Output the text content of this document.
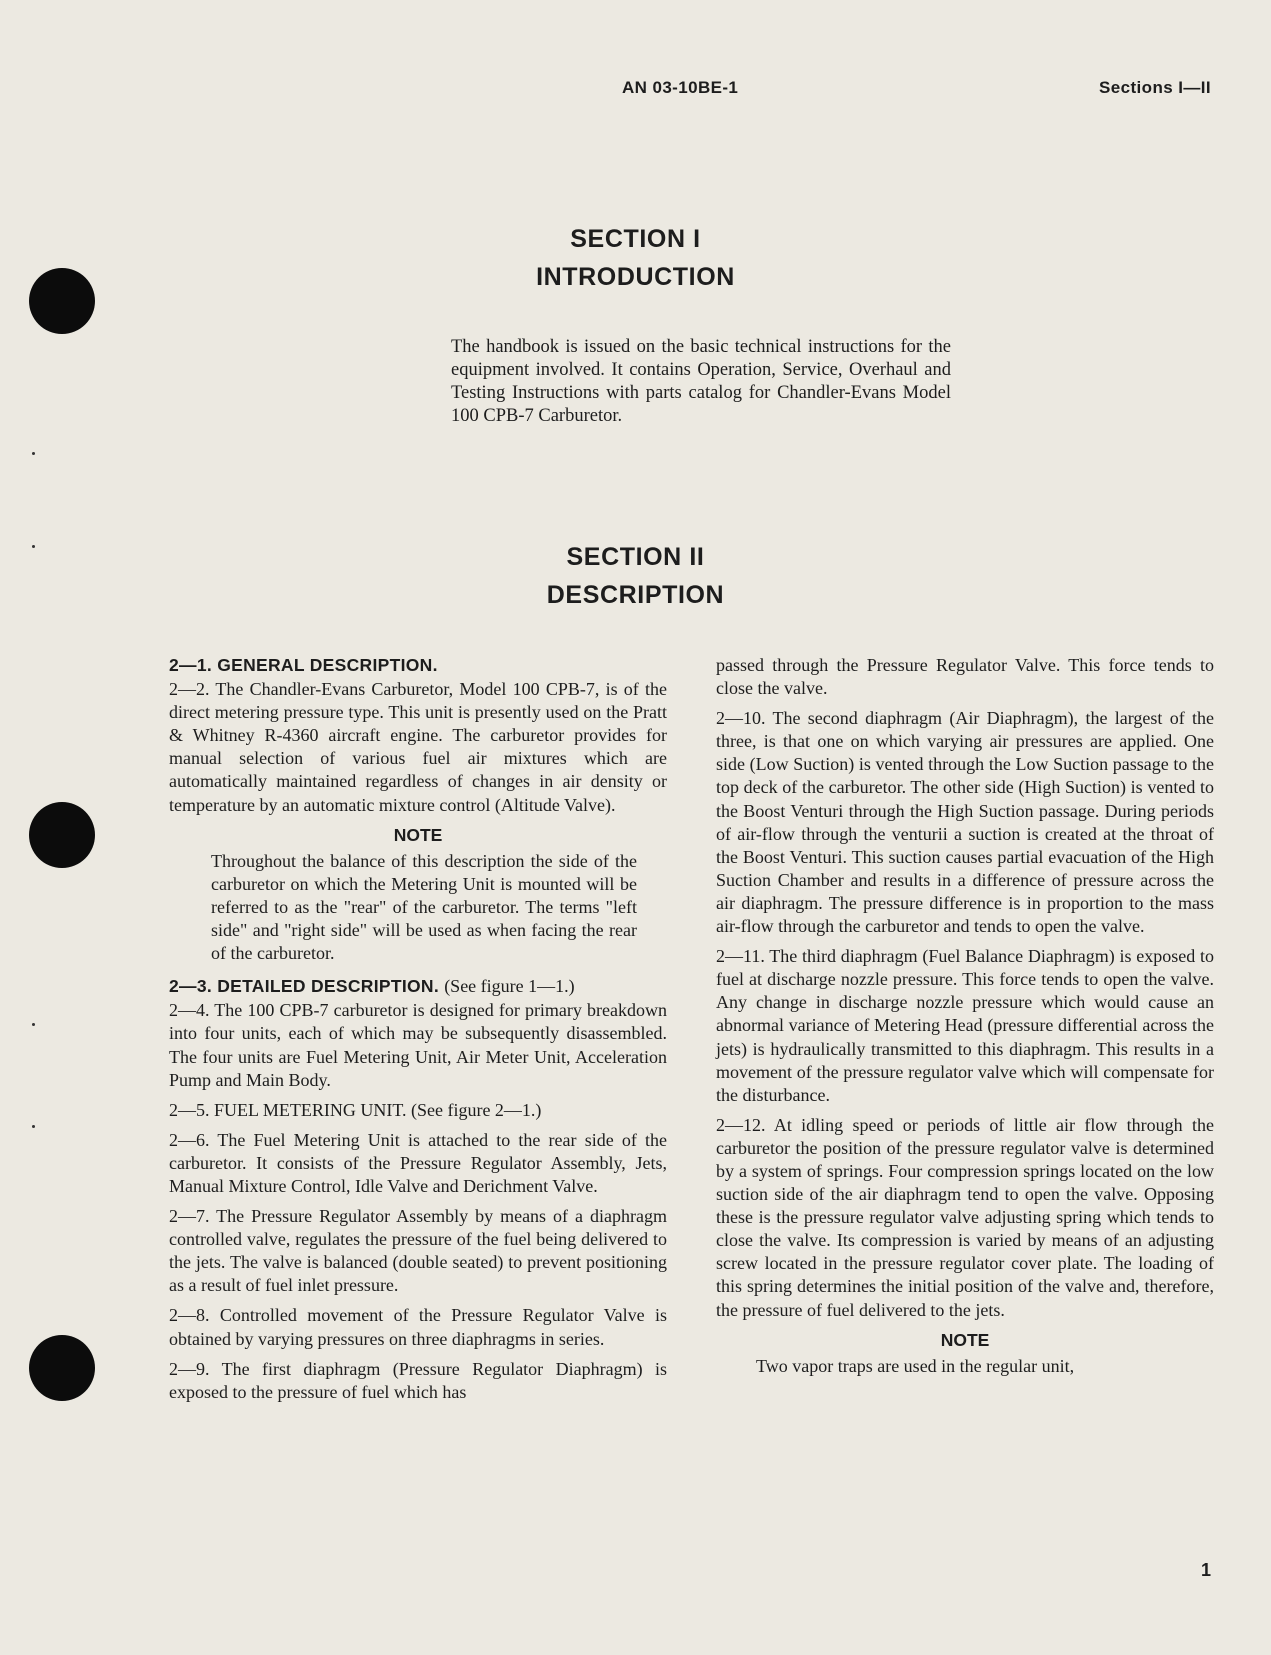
AN 03-10BE-1	Sections I—II
SECTION I
INTRODUCTION

The handbook is issued on the basic technical instructions for the equipment involved. It contains Operation, Service, Overhaul and Testing Instructions with parts catalog for Chandler-Evans Model 100 CPB-7 Carburetor.

SECTION II
DESCRIPTION
2—1. GENERAL DESCRIPTION.

2—2. The Chandler-Evans Carburetor, Model 100 CPB-7, is of the direct metering pressure type. This unit is presently used on the Pratt & Whitney R-4360 aircraft engine. The carburetor provides for manual selection of various fuel air mixtures which are automatically maintained regardless of changes in air density or temperature by an automatic mixture control (Altitude Valve).

NOTE

Throughout the balance of this description the side of the carburetor on which the Metering Unit is mounted will be referred to as the "rear" of the carburetor. The terms "left side" and "right side" will be used as when facing the rear of the carburetor.

2—3. DETAILED DESCRIPTION. (See figure 1—1.)

2—4. The 100 CPB-7 carburetor is designed for primary breakdown into four units, each of which may be subsequently disassembled. The four units are Fuel Metering Unit, Air Meter Unit, Acceleration Pump and Main Body.

2—5. FUEL METERING UNIT. (See figure 2—1.)

2—6. The Fuel Metering Unit is attached to the rear side of the carburetor. It consists of the Pressure Regulator Assembly, Jets, Manual Mixture Control, Idle Valve and Derichment Valve.

2—7. The Pressure Regulator Assembly by means of a diaphragm controlled valve, regulates the pressure of the fuel being delivered to the jets. The valve is balanced (double seated) to prevent positioning as a result of fuel inlet pressure.

2—8. Controlled movement of the Pressure Regulator Valve is obtained by varying pressures on three diaphragms in series.

2—9. The first diaphragm (Pressure Regulator Diaphragm) is exposed to the pressure of fuel which has

passed through the Pressure Regulator Valve. This force tends to close the valve.

2—10. The second diaphragm (Air Diaphragm), the largest of the three, is that one on which varying air pressures are applied. One side (Low Suction) is vented through the Low Suction passage to the top deck of the carburetor. The other side (High Suction) is vented to the Boost Venturi through the High Suction passage. During periods of air-flow through the venturii a suction is created at the throat of the Boost Venturi. This suction causes partial evacuation of the High Suction Chamber and results in a difference of pressure across the air diaphragm. The pressure difference is in proportion to the mass air-flow through the carburetor and tends to open the valve.

2—11. The third diaphragm (Fuel Balance Diaphragm) is exposed to fuel at discharge nozzle pressure. This force tends to open the valve. Any change in discharge nozzle pressure which would cause an abnormal variance of Metering Head (pressure differential across the jets) is hydraulically transmitted to this diaphragm. This results in a movement of the pressure regulator valve which will compensate for the disturbance.

2—12. At idling speed or periods of little air flow through the carburetor the position of the pressure regulator valve is determined by a system of springs. Four compression springs located on the low suction side of the air diaphragm tend to open the valve. Opposing these is the pressure regulator valve adjusting spring which tends to close the valve. Its compression is varied by means of an adjusting screw located in the pressure regulator cover plate. The loading of this spring determines the initial position of the valve and, therefore, the pressure of fuel delivered to the jets.

NOTE

Two vapor traps are used in the regular unit,

1
